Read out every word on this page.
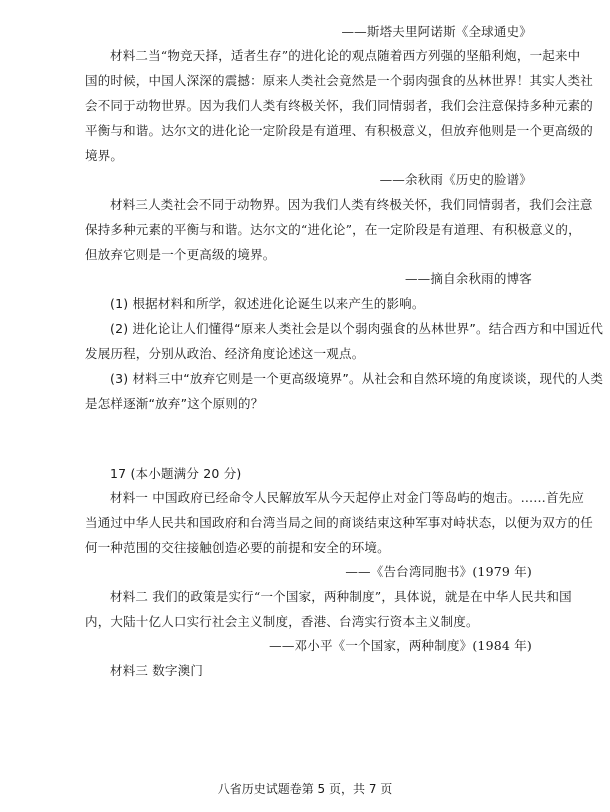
——斯塔夫里阿诺斯《全球通史》
材料二当“物竞天择，适者生存”的进化论的观点随着西方列强的坚船利炮，一起来中
国的时候，中国人深深的震撼：原来人类社会竟然是一个弱肉强食的丛林世界！其实人类社
会不同于动物世界。因为我们人类有终极关怀，我们同情弱者，我们会注意保持多种元素的
平衡与和谐。达尔文的进化论一定阶段是有道理、有积极意义，但放弃他则是一个更高级的
境界。
——余秋雨《历史的脸谱》
材料三人类社会不同于动物界。因为我们人类有终极关怀，我们同情弱者，我们会注意
保持多种元素的平衡与和谐。达尔文的“进化论”，在一定阶段是有道理、有积极意义的，
但放弃它则是一个更高级的境界。
——摘自余秋雨的博客
(1) 根据材料和所学，叙述进化论诞生以来产生的影响。
(2) 进化论让人们懂得“原来人类社会是以个弱肉强食的丛林世界”。结合西方和中国近代
发展历程，分别从政治、经济角度论述这一观点。
(3) 材料三中“放弃它则是一个更高级境界”。从社会和自然环境的角度谈谈，现代的人类
是怎样逐渐“放弃”这个原则的？
17 (本小题满分 20 分)
材料一 中国政府已经命令人民解放军从今天起停止对金门等岛屿的炮击。……首先应
当通过中华人民共和国政府和台湾当局之间的商谈结束这种军事对峙状态，以便为双方的任
何一种范围的交往接触创造必要的前提和安全的环境。
——《告台湾同胞书》(1979 年)
材料二 我们的政策是实行“一个国家，两种制度”，具体说，就是在中华人民共和国
内，大陆十亿人口实行社会主义制度，香港、台湾实行资本主义制度。
——邓小平《一个国家，两种制度》(1984 年)
材料三 数字澳门
八省历史试题卷第 5 页，共 7 页
